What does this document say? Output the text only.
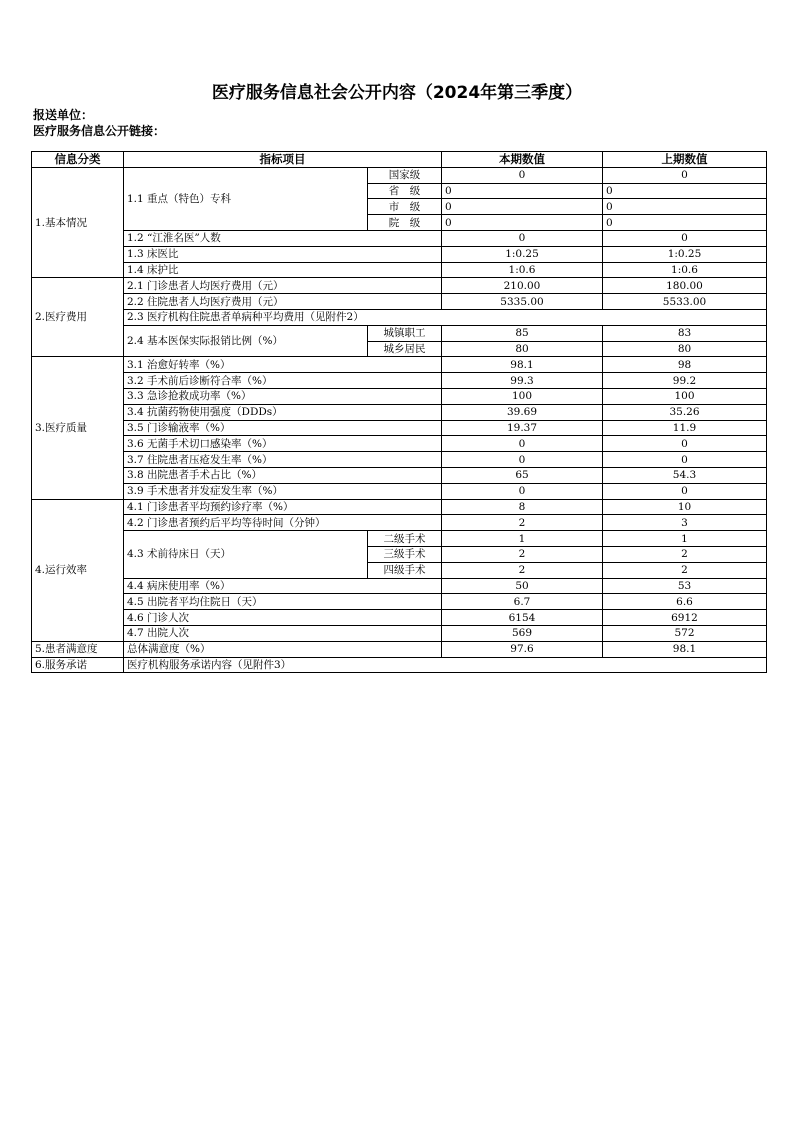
医疗服务信息社会公开内容（2024年第三季度）
报送单位：
医疗服务信息公开链接：
信息分类	指标项目		本期数值	上期数值
1.基本情况	1.1 重点（特色）专科	国家级	0	0
		省　级	0	0
		市　级	0	0
		院　级	0	0
	1.2 “江淮名医”人数		0	0
	1.3 床医比		1:0.25	1:0.25
	1.4 床护比		1:0.6	1:0.6
2.医疗费用	2.1 门诊患者人均医疗费用（元）		210.00	180.00
	2.2 住院患者人均医疗费用（元）		5335.00	5533.00
	2.3 医疗机构住院患者单病种平均费用（见附件2）			
	2.4 基本医保实际报销比例（%）	城镇职工	85	83
		城乡居民	80	80
3.医疗质量	3.1 治愈好转率（%）		98.1	98
	3.2 手术前后诊断符合率（%）		99.3	99.2
	3.3 急诊抢救成功率（%）		100	100
	3.4 抗菌药物使用强度（DDDs）		39.69	35.26
	3.5 门诊输液率（%）		19.37	11.9
	3.6 无菌手术切口感染率（%）		0	0
	3.7 住院患者压疮发生率（%）		0	0
	3.8 出院患者手术占比（%）		65	54.3
	3.9 手术患者并发症发生率（%）		0	0
4.运行效率	4.1 门诊患者平均预约诊疗率（%）		8	10
	4.2 门诊患者预约后平均等待时间（分钟）		2	3
	4.3 术前待床日（天）	二级手术	1	1
		三级手术	2	2
		四级手术	2	2
	4.4 病床使用率（%）		50	53
	4.5 出院者平均住院日（天）		6.7	6.6
	4.6 门诊人次		6154	6912
	4.7 出院人次		569	572
5.患者满意度	总体满意度（%）		97.6	98.1
6.服务承诺	医疗机构服务承诺内容（见附件3）			
